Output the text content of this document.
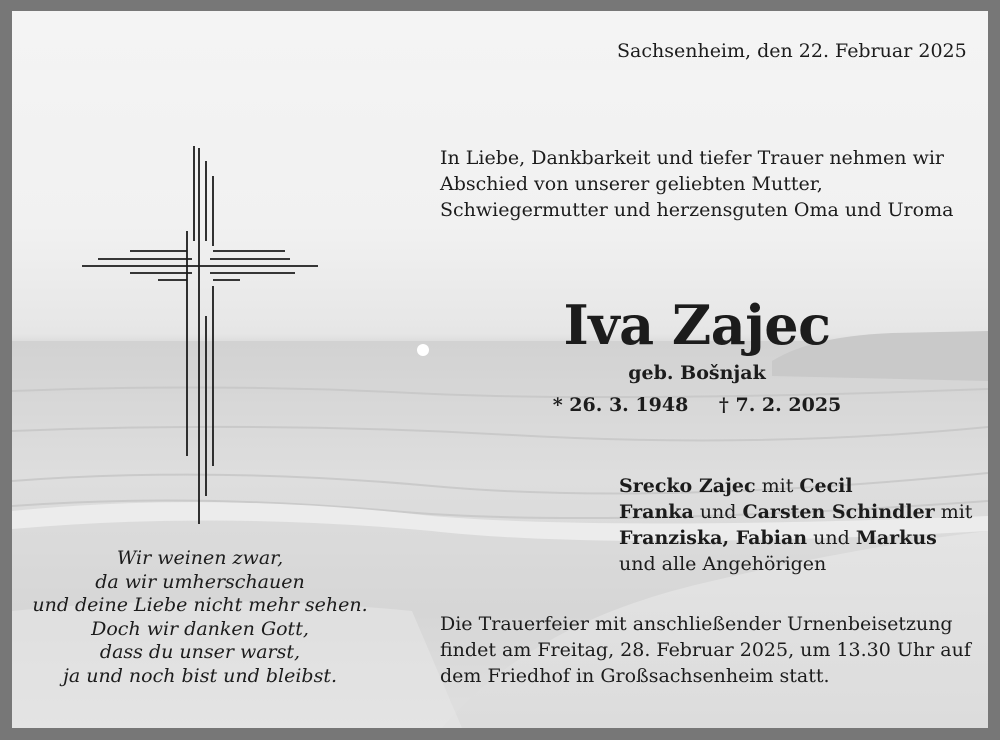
Sachsenheim, den 22. Februar 2025
In Liebe, Dankbarkeit und tiefer Trauer nehmen wir
Abschied von unserer geliebten Mutter,
Schwiegermutter und herzensguten Oma und Uroma
Iva Zajec
geb. Bošnjak
* 26. 3. 1948 † 7. 2. 2025
Srecko Zajec mit Cecil
Franka und Carsten Schindler mit
Franziska, Fabian und Markus
und alle Angehörigen
Die Trauerfeier mit anschließender Urnenbeisetzung
findet am Freitag, 28. Februar 2025, um 13.30 Uhr auf
dem Friedhof in Großsachsenheim statt.
Wir weinen zwar,
da wir umherschauen
und deine Liebe nicht mehr sehen.
Doch wir danken Gott,
dass du unser warst,
ja und noch bist und bleibst.
